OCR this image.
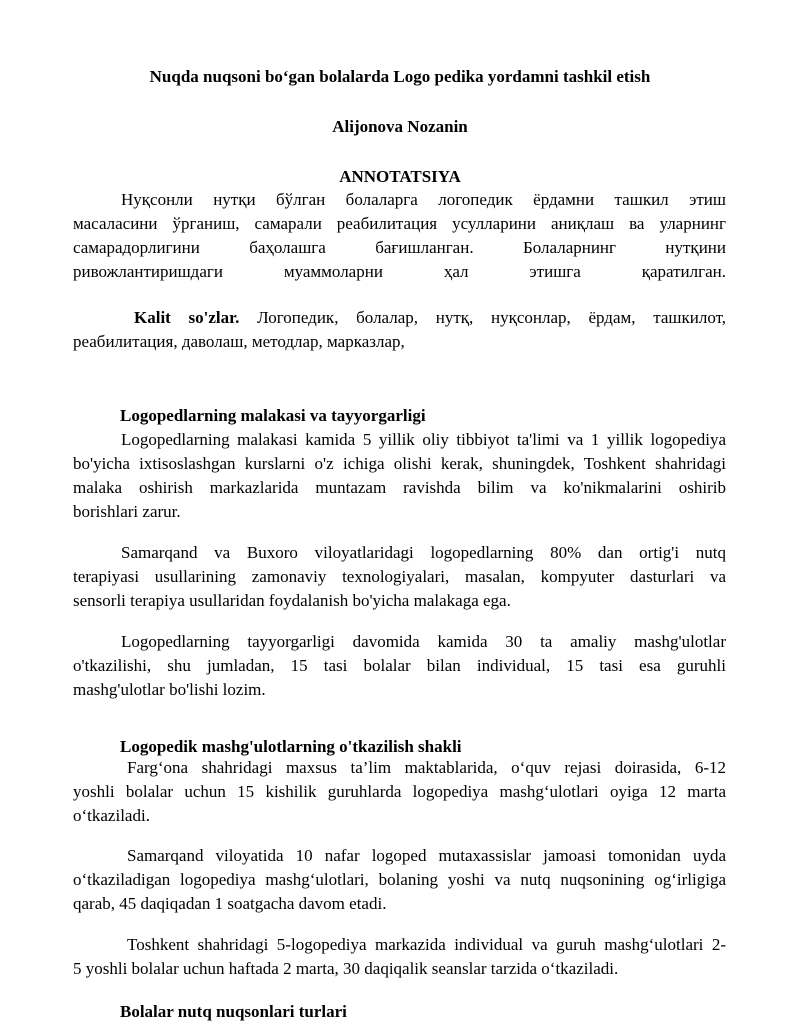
Nuqda nuqsoni bo‘gan bolalarda Logo pedika yordamni tashkil etish
Alijonova Nozanin
ANNOTATSIYA
Нуқсонли нутқи бўлган болаларга логопедик ёрдамни ташкил этиш
масаласини ўрганиш, самарали реабилитация усулларини аниқлаш ва уларнинг
самарадорлигини баҳолашга бағишланган. Болаларнинг нутқини
ривожлантиришдаги муаммоларни ҳал этишга қаратилган.
Kalit so'zlar. Логопедик, болалар, нутқ, нуқсонлар, ёрдам, ташкилот,
реабилитация, даволаш, методлар, марказлар,
Logopedlarning malakasi va tayyorgarligi
Logopedlarning malakasi kamida 5 yillik oliy tibbiyot ta'limi va 1 yillik logopediya
bo'yicha ixtisoslashgan kurslarni o'z ichiga olishi kerak, shuningdek, Toshkent shahridagi
malaka oshirish markazlarida muntazam ravishda bilim va ko'nikmalarini oshirib
borishlari zarur.
Samarqand va Buxoro viloyatlaridagi logopedlarning 80% dan ortig'i nutq
terapiyasi usullarining zamonaviy texnologiyalari, masalan, kompyuter dasturlari va
sensorli terapiya usullaridan foydalanish bo'yicha malakaga ega.
Logopedlarning tayyorgarligi davomida kamida 30 ta amaliy mashg'ulotlar
o'tkazilishi, shu jumladan, 15 tasi bolalar bilan individual, 15 tasi esa guruhli
mashg'ulotlar bo'lishi lozim.
Logopedik mashg'ulotlarning o'tkazilish shakli
Farg‘ona shahridagi maxsus ta’lim maktablarida, o‘quv rejasi doirasida, 6-12
yoshli bolalar uchun 15 kishilik guruhlarda logopediya mashg‘ulotlari oyiga 12 marta
o‘tkaziladi.
Samarqand viloyatida 10 nafar logoped mutaxassislar jamoasi tomonidan uyda
o‘tkaziladigan logopediya mashg‘ulotlari, bolaning yoshi va nutq nuqsonining og‘irligiga
qarab, 45 daqiqadan 1 soatgacha davom etadi.
Toshkent shahridagi 5-logopediya markazida individual va guruh mashg‘ulotlari 2-
5 yoshli bolalar uchun haftada 2 marta, 30 daqiqalik seanslar tarzida o‘tkaziladi.
Bolalar nutq nuqsonlari turlari
